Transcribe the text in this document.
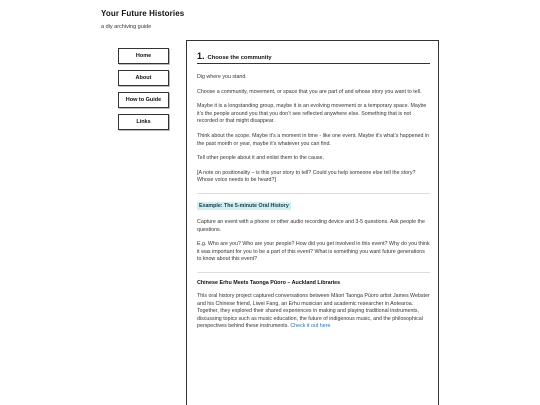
Your Future Histories
a diy archiving guide
Home
About
How to Guide
Links
1. Choose the community

Dig where you stand.

Choose a community, movement, or space that you are part of and whose story you want to tell.

Maybe it is a longstanding group, maybe it is an evolving movement or a temporary space. Maybe it’s the people around you that you don’t see reflected anywhere else. Something that is not recorded or that might disappear.

Think about the scope. Maybe it’s a moment in time - like one event. Maybe it’s what’s happened in the past month or year, maybe it’s whatever you can find.

Tell other people about it and enlist them to the cause.

[A note on positionality – is this your story to tell? Could you help someone else tell the story? Whose voice needs to be heard?]

Example: The 5-minute Oral History

Capture an event with a phone or other audio recording device and 3-5 questions. Ask people the questions.

E.g. Who are you? Who are your people? How did you get involved in this event? Why do you think it was important for you to be a part of this event? What is something you want future generations to know about this event?

Chinese Erhu Meets Taonga Pūoro – Auckland Libraries

This oral history project captured conversations between Māori Taonga Pūoro artist James Webster and his Chinese friend, Liwei Fang, an Erhu musician and academic researcher in Aotearoa. Together, they explored their shared experiences in making and playing traditional instruments, discussing topics such as music education, the future of indigenous music, and the philosophical perspectives behind these instruments. Check it out here
